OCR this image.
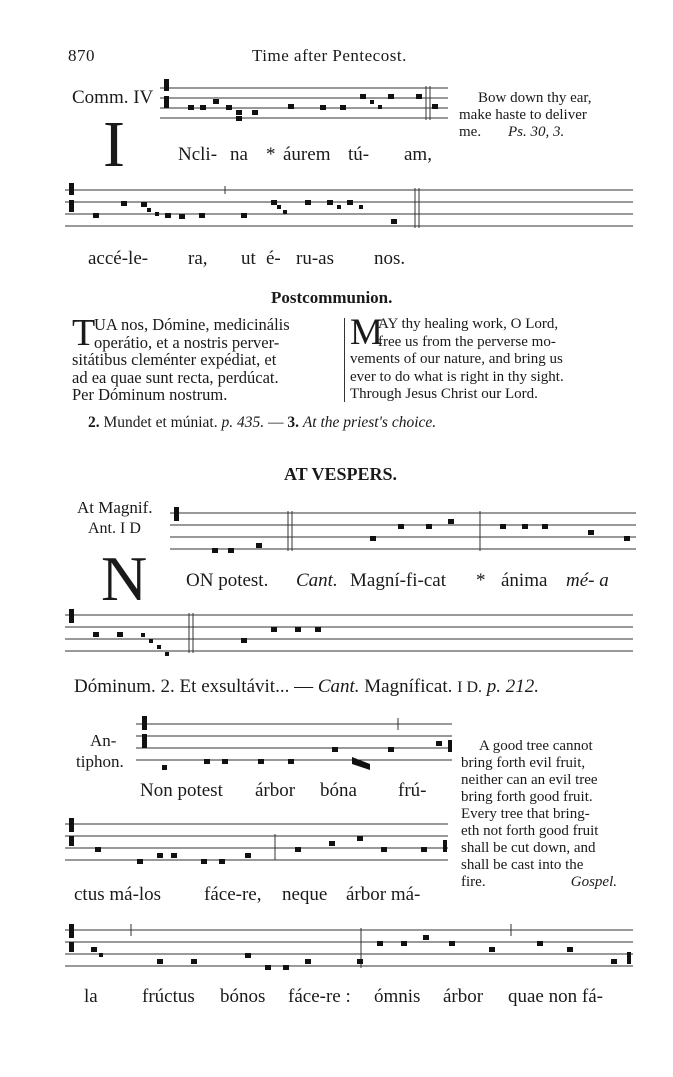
870	Time after Pentecost.
Comm. IV
I	Ncli- na * áurem tú- am,
Bow down thy ear,
make haste to deliver
me. Ps. 30, 3.
accé-le- ra, ut é- ru-as nos.
Postcommunion.
T
UA nos, Dómine, medicinális
operátio, et a nostris perver-
sitátibus cleménter expédiat, et
ad ea quae sunt recta, perdúcat.
Per Dóminum nostrum.
M
AY thy healing work, O Lord,
free us from the perverse mo-
vements of our nature, and bring us
ever to do what is right in thy sight.
Through Jesus Christ our Lord.
2. Mundet et múniat. p. 435. — 3. At the priest's choice.
AT VESPERS.
At Magnif.
Ant. I D
N ON potest. Cant. Magní-fi-cat * ánima mé- a
Dóminum. 2. Et exsultávit... — Cant. Magníficat. I D. p. 212.
An-
tiphon.
Non potest árbor bóna frú-
ctus má-los fáce-re, neque árbor má-
A good tree cannot
bring forth evil fruit,
neither can an evil tree
bring forth good fruit.
Every tree that bring-
eth not forth good fruit
shall be cut down, and
shall be cast into the
fire.	Gospel.
la frúctus bónos fáce-re : ómnis árbor quae non fá-
